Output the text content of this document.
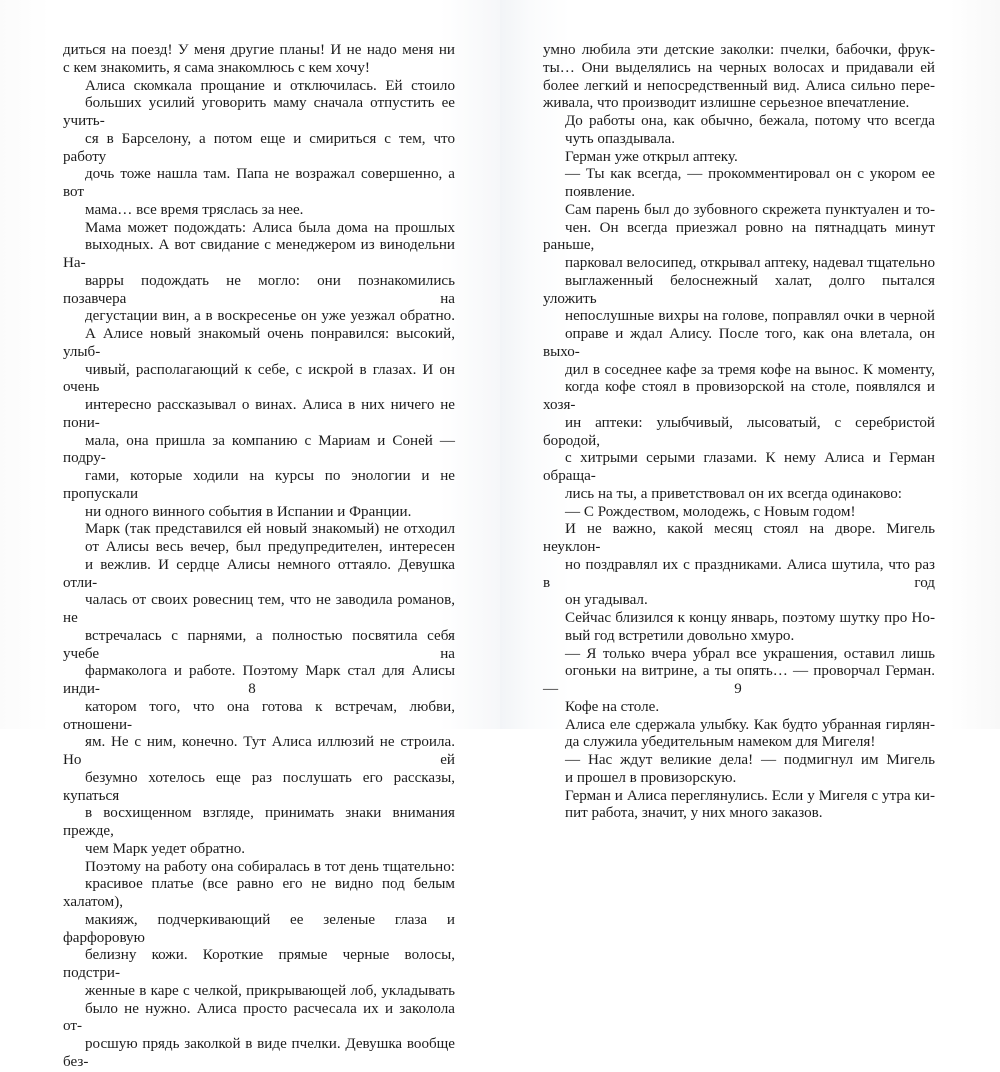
диться на поезд! У меня другие планы! И не надо меня ни
с кем знакомить, я сама знакомлюсь с кем хочу!

Алиса скомкала прощание и отключилась. Ей стоило
больших усилий уговорить маму сначала отпустить ее учить-
ся в Барселону, а потом еще и смириться с тем, что работу
дочь тоже нашла там. Папа не возражал совершенно, а вот
мама… все время тряслась за нее.

Мама может подождать: Алиса была дома на прошлых
выходных. А вот свидание с менеджером из винодельни На-
варры подождать не могло: они познакомились позавчера на
дегустации вин, а в воскресенье он уже уезжал обратно.
А Алисе новый знакомый очень понравился: высокий, улыб-
чивый, располагающий к себе, с искрой в глазах. И он очень
интересно рассказывал о винах. Алиса в них ничего не пони-
мала, она пришла за компанию с Мариам и Соней — подру-
гами, которые ходили на курсы по энологии и не пропускали
ни одного винного события в Испании и Франции.

Марк (так представился ей новый знакомый) не отходил
от Алисы весь вечер, был предупредителен, интересен
и вежлив. И сердце Алисы немного оттаяло. Девушка отли-
чалась от своих ровесниц тем, что не заводила романов, не
встречалась с парнями, а полностью посвятила себя учебе на
фармаколога и работе. Поэтому Марк стал для Алисы инди-
катором того, что она готова к встречам, любви, отношени-
ям. Не с ним, конечно. Тут Алиса иллюзий не строила. Но ей
безумно хотелось еще раз послушать его рассказы, купаться
в восхищенном взгляде, принимать знаки внимания прежде,
чем Марк уедет обратно.

Поэтому на работу она собиралась в тот день тщательно:
красивое платье (все равно его не видно под белым халатом),
макияж, подчеркивающий ее зеленые глаза и фарфоровую
белизну кожи. Короткие прямые черные волосы, подстри-
женные в каре с челкой, прикрывающей лоб, укладывать
было не нужно. Алиса просто расчесала их и заколола от-
росшую прядь заколкой в виде пчелки. Девушка вообще без-

8

умно любила эти детские заколки: пчелки, бабочки, фрук-
ты… Они выделялись на черных волосах и придавали ей
более легкий и непосредственный вид. Алиса сильно пере-
живала, что производит излишне серьезное впечатление.

До работы она, как обычно, бежала, потому что всегда
чуть опаздывала.

Герман уже открыл аптеку.

— Ты как всегда, — прокомментировал он с укором ее
появление.

Сам парень был до зубовного скрежета пунктуален и то-
чен. Он всегда приезжал ровно на пятнадцать минут раньше,
парковал велосипед, открывал аптеку, надевал тщательно
выглаженный белоснежный халат, долго пытался уложить
непослушные вихры на голове, поправлял очки в черной
оправе и ждал Алису. После того, как она влетала, он выхо-
дил в соседнее кафе за тремя кофе на вынос. К моменту,
когда кофе стоял в провизорской на столе, появлялся и хозя-
ин аптеки: улыбчивый, лысоватый, с серебристой бородой,
с хитрыми серыми глазами. К нему Алиса и Герман обраща-
лись на ты, а приветствовал он их всегда одинаково:

— С Рождеством, молодежь, с Новым годом!

И не важно, какой месяц стоял на дворе. Мигель неуклон-
но поздравлял их с праздниками. Алиса шутила, что раз в год
он угадывал.

Сейчас близился к концу январь, поэтому шутку про Но-
вый год встретили довольно хмуро.

— Я только вчера убрал все украшения, оставил лишь
огоньки на витрине, а ты опять… — проворчал Герман. —
Кофе на столе.

Алиса еле сдержала улыбку. Как будто убранная гирлян-
да служила убедительным намеком для Мигеля!

— Нас ждут великие дела! — подмигнул им Мигель
и прошел в провизорскую.

Герман и Алиса переглянулись. Если у Мигеля с утра ки-
пит работа, значит, у них много заказов.

9
